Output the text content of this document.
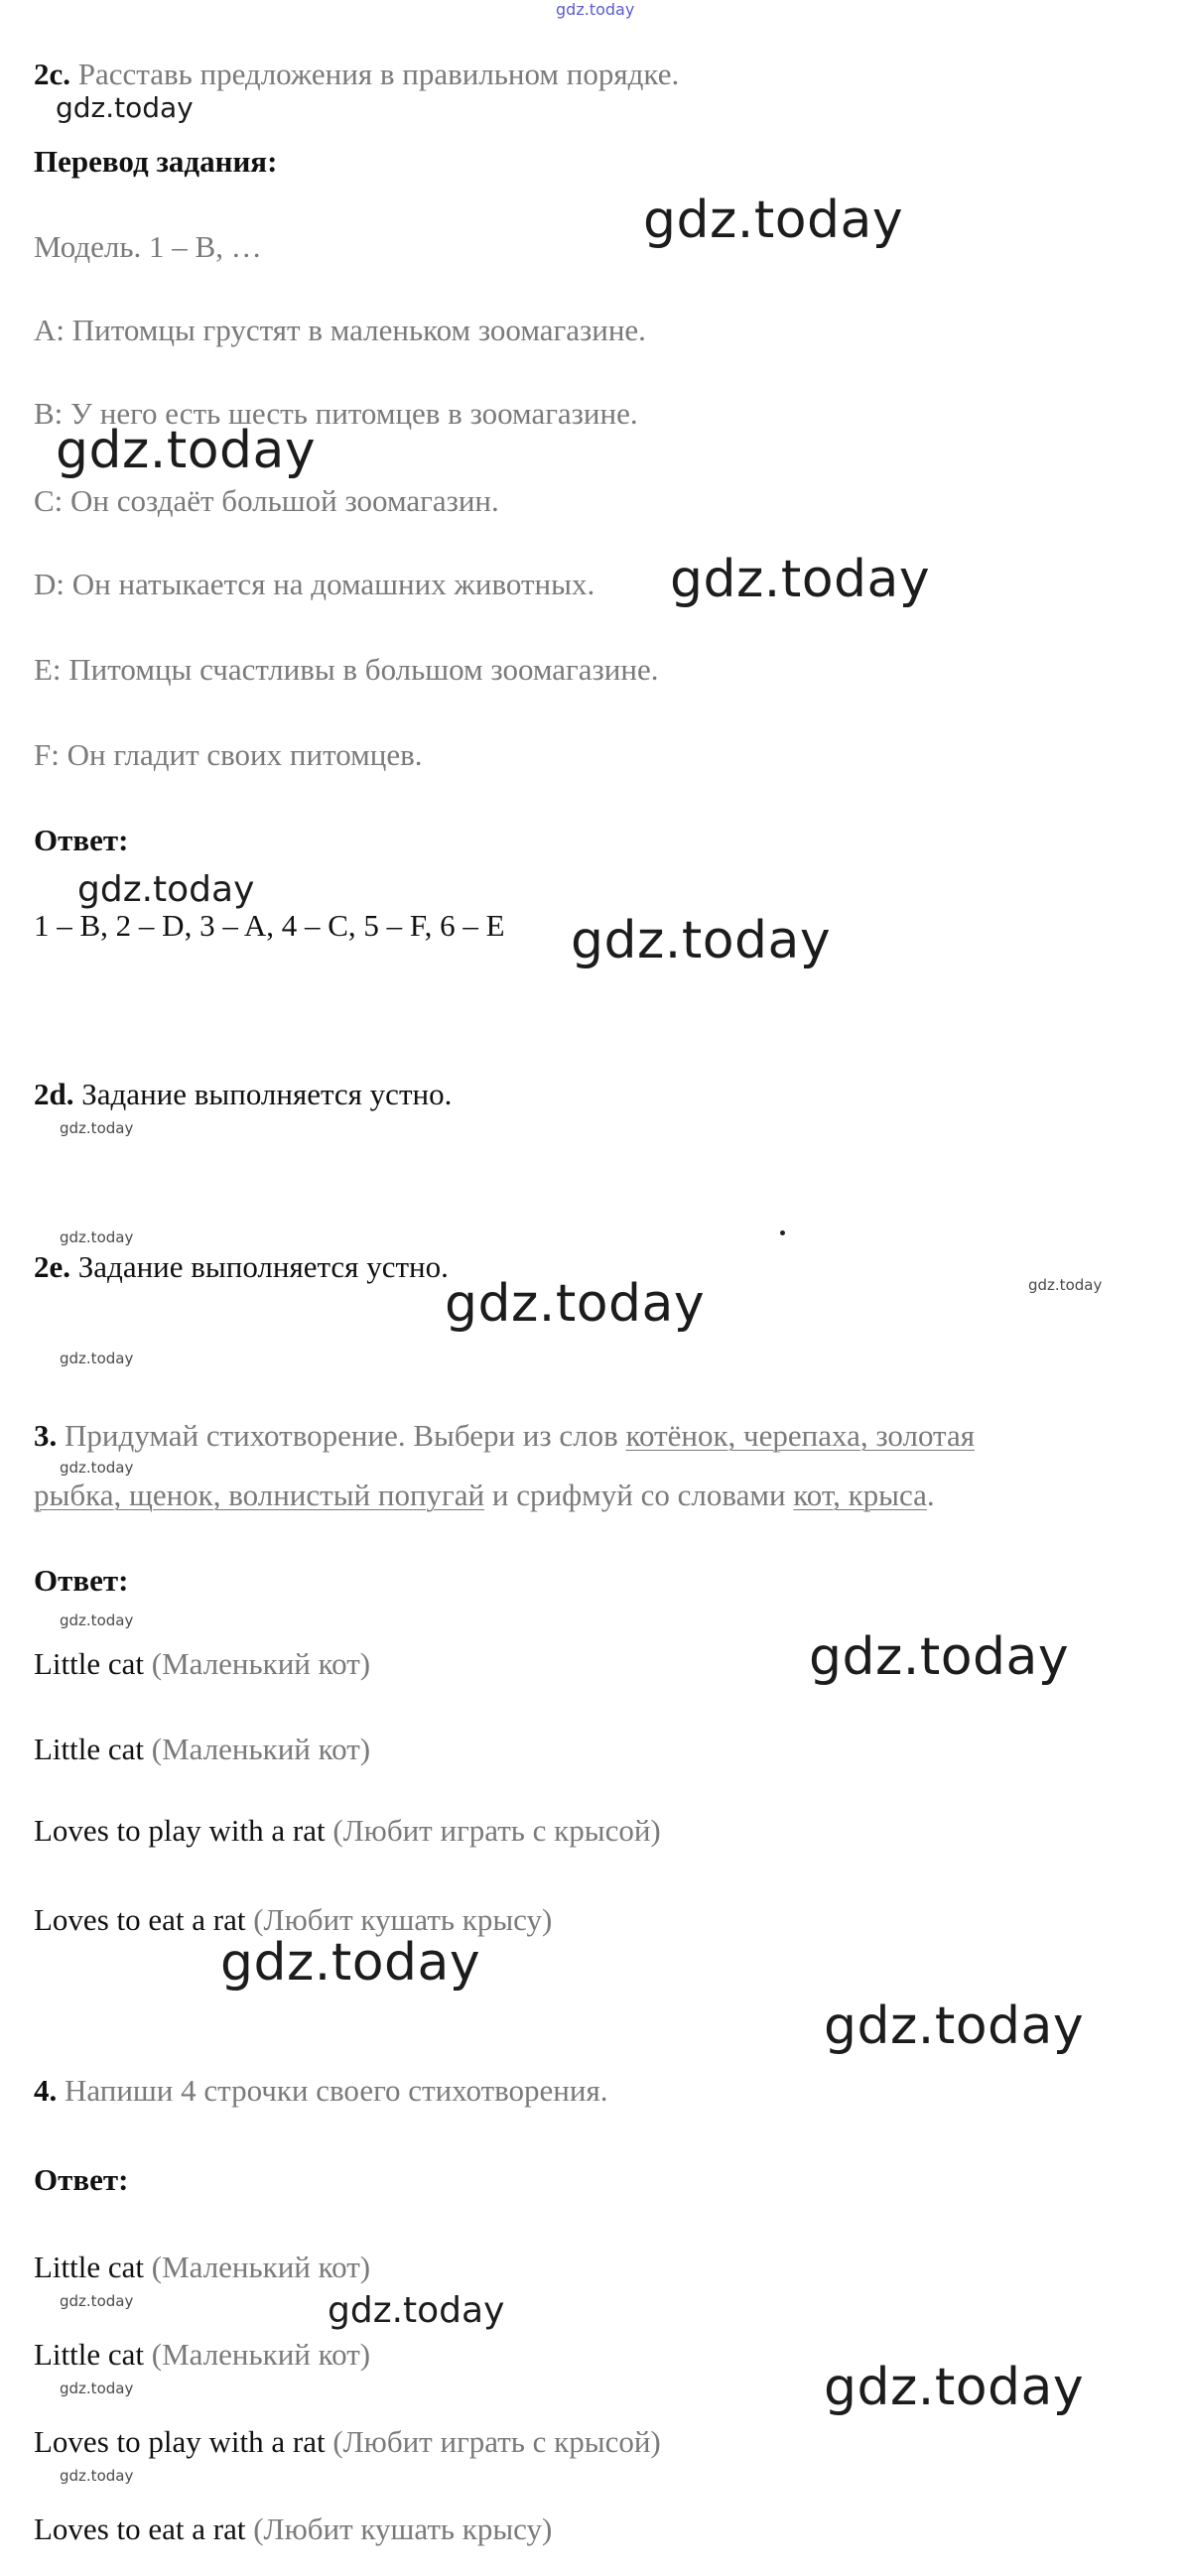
gdz.today
2c. Расставь предложения в правильном порядке.
gdz.today
Перевод задания:
Модель. 1 – B, …	gdz.today
A: Питомцы грустят в маленьком зоомагазине.
B: У него есть шесть питомцев в зоомагазине.
gdz.today
C: Он создаёт большой зоомагазин.
D: Он натыкается на домашних животных. gdz.today
E: Питомцы счастливы в большом зоомагазине.
F: Он гладит своих питомцев.
Ответ:
gdz.today
1 – B, 2 – D, 3 – A, 4 – C, 5 – F, 6 – E gdz.today
2d. Задание выполняется устно.
gdz.today
gdz.today
2e. Задание выполняется устно.
gdz.today
gdz.today
gdz.today
3. Придумай стихотворение. Выбери из слов котёнок, черепаха, золотая
gdz.today
рыбка, щенок, волнистый попугай и срифмуй со словами кот, крыса.
Ответ:
gdz.today
Little cat (Маленький кот)	gdz.today
Little cat (Маленький кот)
Loves to play with a rat (Любит играть с крысой)
Loves to eat a rat (Любит кушать крысу)
gdz.today
gdz.today
4. Напиши 4 строчки своего стихотворения.
Ответ:
Little cat (Маленький кот)
gdz.today	gdz.today
Little cat (Маленький кот)
gdz.today	gdz.today
Loves to play with a rat (Любит играть с крысой)
gdz.today
Loves to eat a rat (Любит кушать крысу)
